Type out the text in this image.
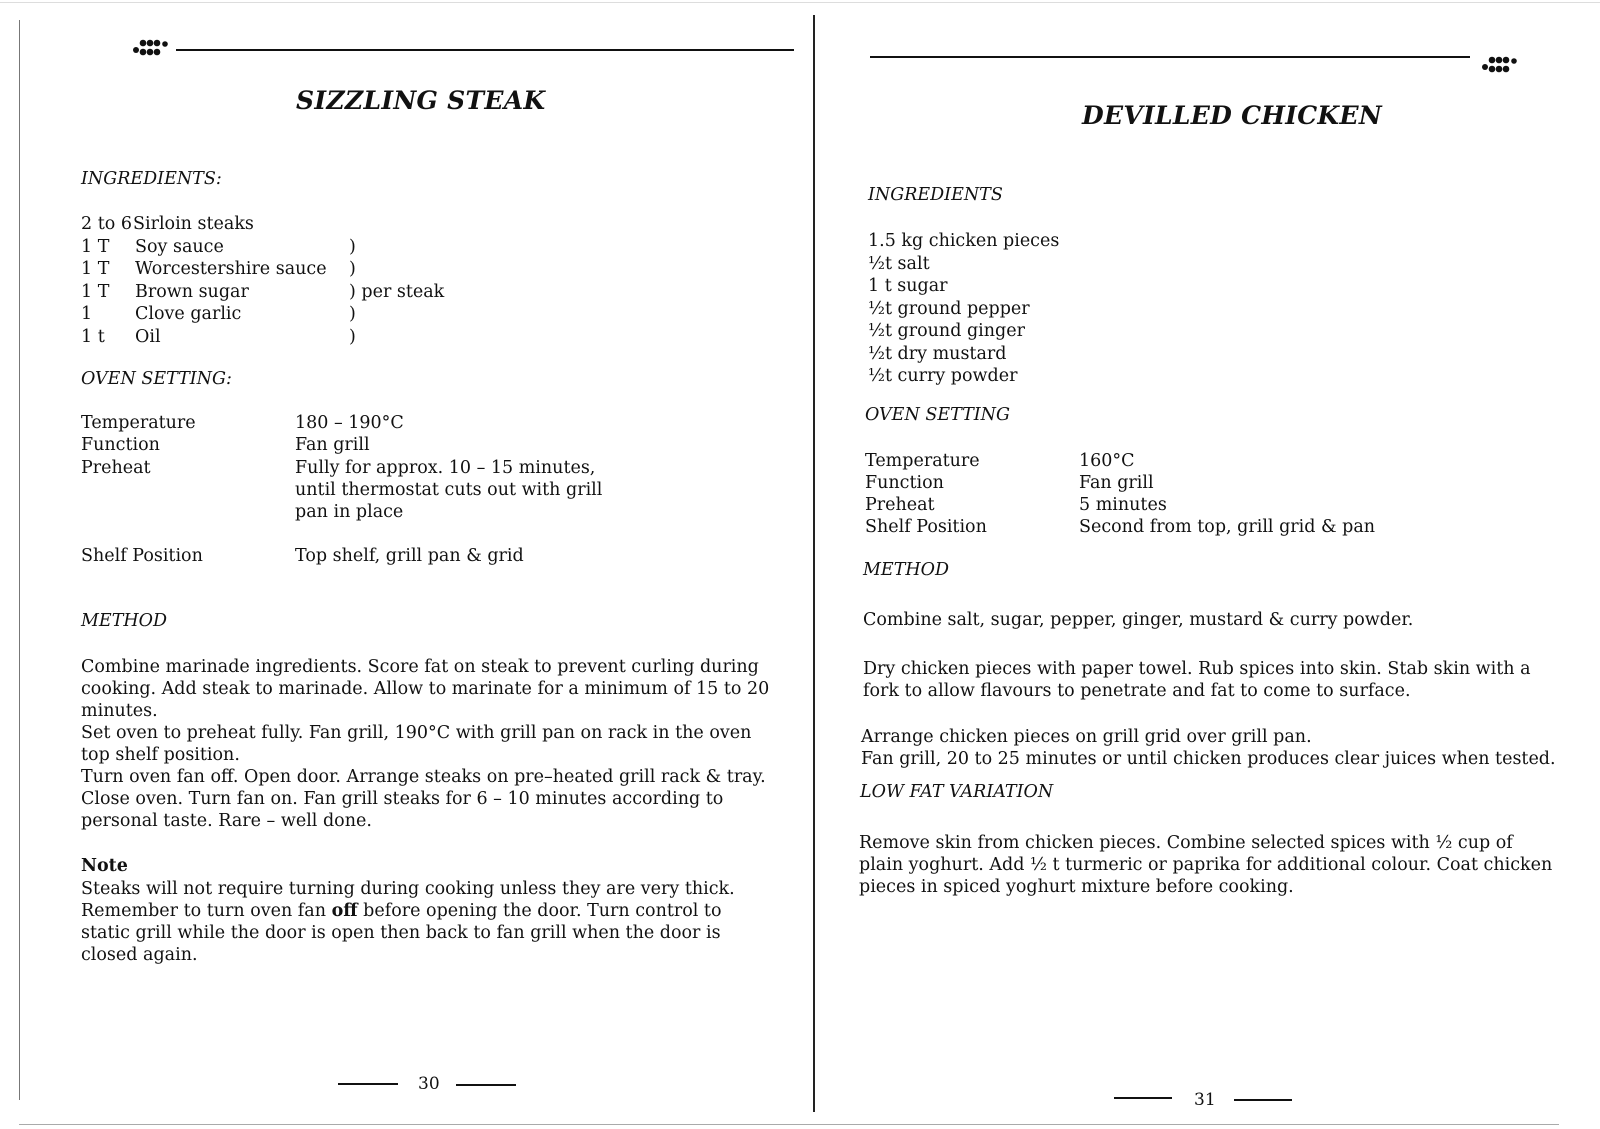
SIZZLING STEAK
INGREDIENTS:
2 to 6 Sirloin steaks
1 T Soy sauce	)
1 T Worcestershire sauce )
1 T Brown sugar	) per steak
1 Clove garlic	)
1 t Oil	)
OVEN SETTING:
Temperature	180 – 190°C
Function	Fan grill
Preheat	Fully for approx. 10 – 15 minutes,
until thermostat cuts out with grill
pan in place
Shelf Position	Top shelf, grill pan & grid
METHOD

Combine marinade ingredients. Score fat on steak to prevent curling during

cooking. Add steak to marinade. Allow to marinate for a minimum of 15 to 20

minutes.

Set oven to preheat fully. Fan grill, 190°C with grill pan on rack in the oven

top shelf position.

Turn oven fan off. Open door. Arrange steaks on pre–heated grill rack & tray.

Close oven. Turn fan on. Fan grill steaks for 6 – 10 minutes according to

personal taste. Rare – well done.

Note

Steaks will not require turning during cooking unless they are very thick.

Remember to turn oven fan off before opening the door. Turn control to

static grill while the door is open then back to fan grill when the door is

closed again.

30
DEVILLED CHICKEN
INGREDIENTS

1.5 kg chicken pieces

½t salt

1 t sugar

½t ground pepper

½t ground ginger

½t dry mustard

½t curry powder

OVEN SETTING
Temperature	160°C
Function	Fan grill
Preheat	5 minutes
Shelf Position	Second from top, grill grid & pan
METHOD
Combine salt, sugar, pepper, ginger, mustard & curry powder.

Dry chicken pieces with paper towel. Rub spices into skin. Stab skin with a

fork to allow flavours to penetrate and fat to come to surface.

Arrange chicken pieces on grill grid over grill pan.

Fan grill, 20 to 25 minutes or until chicken produces clear juices when tested.

LOW FAT VARIATION

Remove skin from chicken pieces. Combine selected spices with ½ cup of

plain yoghurt. Add ½ t turmeric or paprika for additional colour. Coat chicken

pieces in spiced yoghurt mixture before cooking.

31
